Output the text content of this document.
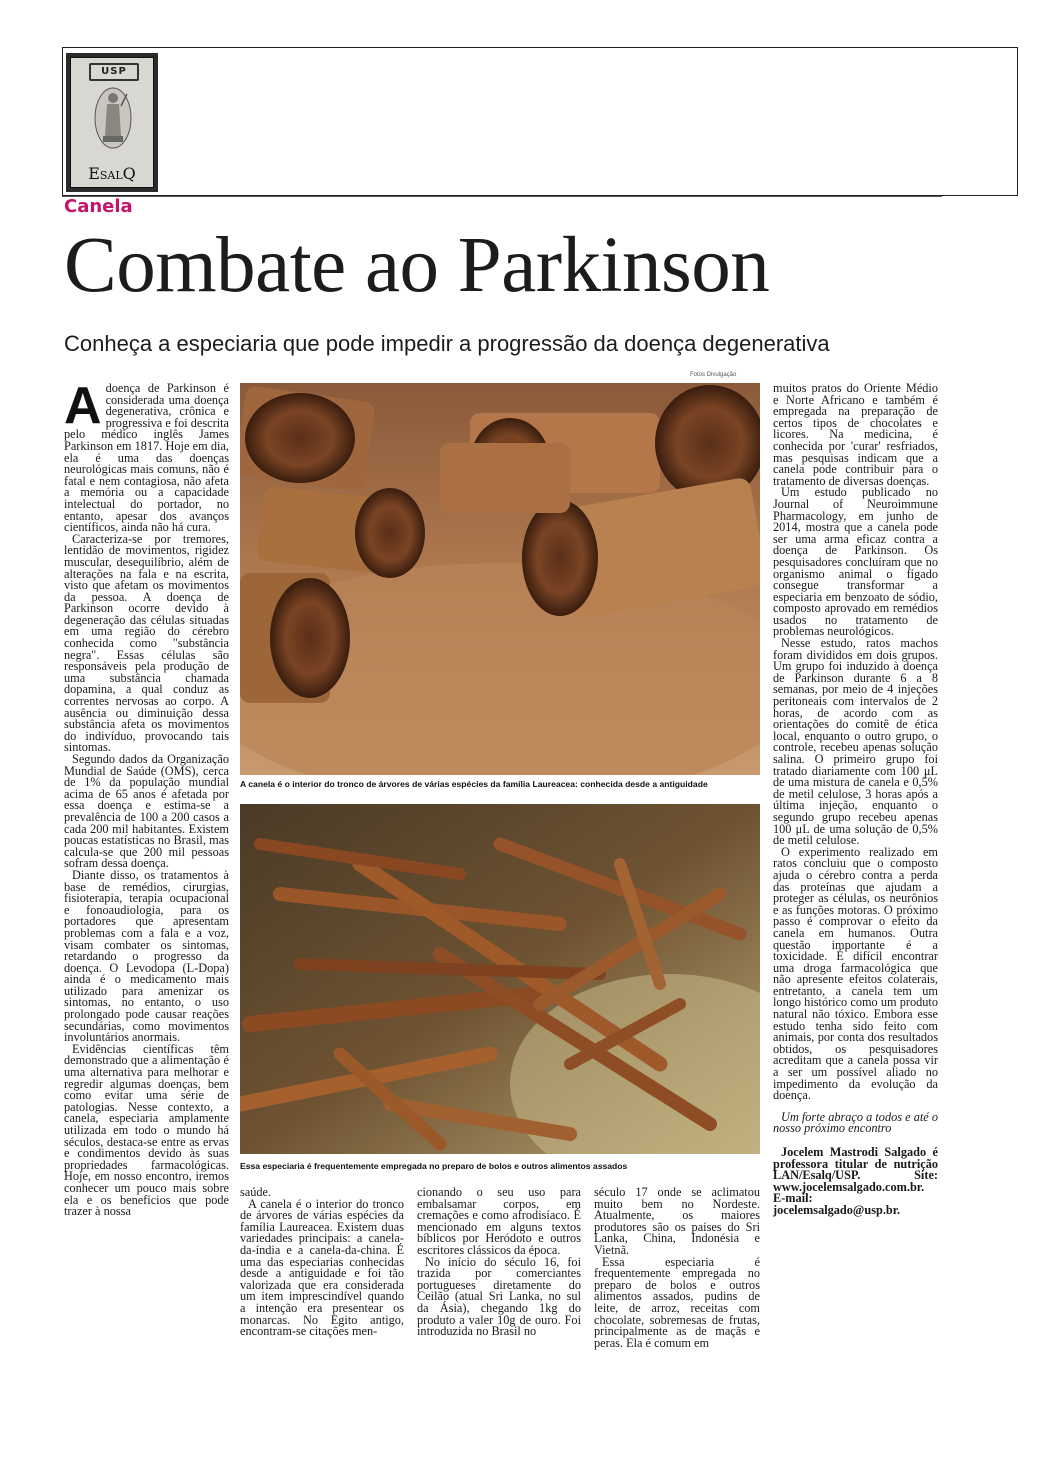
USP
EsalQ
Canela
Combate ao Parkinson
Conheça a especiaria que pode impedir a progressão da doença degenerativa

Adoença de Parkinson é considerada uma doença degenerativa, crônica e progressiva e foi descrita pelo médico inglês James Parkinson em 1817. Hoje em dia, ela é uma das doenças neurológicas mais comuns, não é fatal e nem contagiosa, não afeta a memória ou a capacidade intelectual do portador, no entanto, apesar dos avanços científicos, ainda não há cura.

Caracteriza-se por tremores, lentidão de movimentos, rigidez muscular, desequilíbrio, além de alterações na fala e na escrita, visto que afetam os movimentos da pessoa. A doença de Parkinson ocorre devido à degeneração das células situadas em uma região do cérebro conhecida como "substância negra". Essas células são responsáveis pela produção de uma substância chamada dopamina, a qual conduz as correntes nervosas ao corpo. A ausência ou diminuição dessa substância afeta os movimentos do indivíduo, provocando tais sintomas.

Segundo dados da Organização Mundial de Saúde (OMS), cerca de 1% da população mundial acima de 65 anos é afetada por essa doença e estima-se a prevalência de 100 a 200 casos a cada 200 mil habitantes. Existem poucas estatísticas no Brasil, mas calcula-se que 200 mil pessoas sofram dessa doença.

Diante disso, os tratamentos à base de remédios, cirurgias, fisioterapia, terapia ocupacional e fonoaudiologia, para os portadores que apresentam problemas com a fala e a voz, visam combater os sintomas, retardando o progresso da doença. O Levodopa (L-Dopa) ainda é o medicamento mais utilizado para amenizar os sintomas, no entanto, o uso prolongado pode causar reações secundárias, como movimentos involuntários anormais.

Evidências científicas têm demonstrado que a alimentação é uma alternativa para melhorar e regredir algumas doenças, bem como evitar uma série de patologias. Nesse contexto, a canela, especiaria amplamente utilizada em todo o mundo há séculos, destaca-se entre as ervas e condimentos devido às suas propriedades farmacológicas. Hoje, em nosso encontro, iremos conhecer um pouco mais sobre ela e os benefícios que pode trazer à nossa

Fotos Divulgação
A canela é o interior do tronco de árvores de várias espécies da família Laureacea: conhecida desde a antiguidade
Essa especiaria é frequentemente empregada no preparo de bolos e outros alimentos assados

saúde.

A canela é o interior do tronco de árvores de várias espécies da família Laureacea. Existem duas variedades principais: a canela-da-índia e a canela-da-china. É uma das especiarias conhecidas desde a antiguidade e foi tão valorizada que era considerada um item imprescindível quando a intenção era presentear os monarcas. No Egito antigo, encontram-se citações men-

cionando o seu uso para embalsamar corpos, em cremações e como afrodisíaco. É mencionado em alguns textos bíblicos por Heródoto e outros escritores clássicos da época.

No início do século 16, foi trazida por comerciantes portugueses diretamente do Ceilão (atual Sri Lanka, no sul da Ásia), chegando 1kg do produto a valer 10g de ouro. Foi introduzida no Brasil no

século 17 onde se aclimatou muito bem no Nordeste. Atualmente, os maiores produtores são os países do Sri Lanka, China, Indonésia e Vietnã.

Essa especiaria é frequentemente empregada no preparo de bolos e outros alimentos assados, pudins de leite, de arroz, receitas com chocolate, sobremesas de frutas, principalmente as de maçãs e peras. Ela é comum em

muitos pratos do Oriente Médio e Norte Africano e também é empregada na preparação de certos tipos de chocolates e licores. Na medicina, é conhecida por 'curar' resfriados, mas pesquisas indicam que a canela pode contribuir para o tratamento de diversas doenças.

Um estudo publicado no Journal of Neuroimmune Pharmacology, em junho de 2014, mostra que a canela pode ser uma arma eficaz contra a doença de Parkinson. Os pesquisadores concluíram que no organismo animal o fígado consegue transformar a especiaria em benzoato de sódio, composto aprovado em remédios usados no tratamento de problemas neurológicos.

Nesse estudo, ratos machos foram divididos em dois grupos. Um grupo foi induzido à doença de Parkinson durante 6 a 8 semanas, por meio de 4 injeções peritoneais com intervalos de 2 horas, de acordo com as orientações do comitê de ética local, enquanto o outro grupo, o controle, recebeu apenas solução salina. O primeiro grupo foi tratado diariamente com 100 μL de uma mistura de canela e 0,5% de metil celulose, 3 horas após a última injeção, enquanto o segundo grupo recebeu apenas 100 μL de uma solução de 0,5% de metil celulose.

O experimento realizado em ratos concluiu que o composto ajuda o cérebro contra a perda das proteínas que ajudam a proteger as células, os neurônios e as funções motoras. O próximo passo é comprovar o efeito da canela em humanos. Outra questão importante é a toxicidade. É difícil encontrar uma droga farmacológica que não apresente efeitos colaterais, entretanto, a canela tem um longo histórico como um produto natural não tóxico. Embora esse estudo tenha sido feito com animais, por conta dos resultados obtidos, os pesquisadores acreditam que a canela possa vir a ser um possível aliado no impedimento da evolução da doença.

Um forte abraço a todos e até o nosso próximo encontro

Jocelem Mastrodi Salgado é professora titular de nutrição LAN/Esalq/USP. Site: www.jocelemsalgado.com.br. E-mail: jocelemsalgado@usp.br.
